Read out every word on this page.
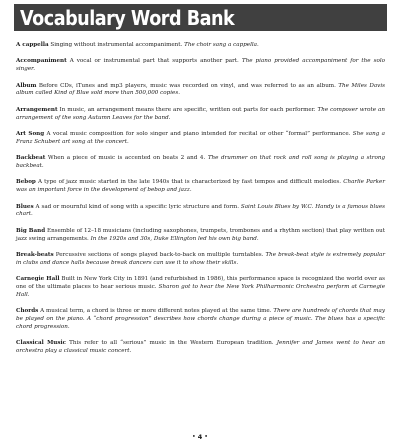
Vocabulary Word Bank

A cappella Singing without instrumental accompaniment. The choir sang a cappella.

Accompaniment A vocal or instrumental part that supports another part. The piano provided accompaniment for the solo singer.

Album Before CDs, iTunes and mp3 players, music was recorded on vinyl, and was referred to as an album. The Miles Davis album called Kind of Blue sold more than 500,000 copies.

Arrangement In music, an arrangement means there are specific, written out parts for each performer. The composer wrote an arrangement of the song Autumn Leaves for the band.

Art Song A vocal music composition for solo singer and piano intended for recital or other “formal” performance. She sang a Franz Schubert art song at the concert.

Backbeat When a piece of music is accented on beats 2 and 4. The drummer on that rock and roll song is playing a strong backbeat.

Bebop A type of jazz music started in the late 1940s that is characterized by fast tempos and difficult melodies. Charlie Parker was an important force in the development of bebop and jazz.

Blues A sad or mournful kind of song with a specific lyric structure and form. Saint Louis Blues by W.C. Handy is a famous blues chart.

Big Band Ensemble of 12–18 musicians (including saxophones, trumpets, trombones and a rhythm section) that play written out jazz swing arrangements. In the 1920s and 30s, Duke Ellington led his own big band.

Break-beats Percussive sections of songs played back-to-back on multiple turntables. The break-beat style is extremely popular in clubs and dance halls because break dancers can use it to show their skills.

Carnegie Hall Built in New York City in 1891 (and refurbished in 1986), this performance space is recognized the world over as one of the ultimate places to hear serious music. Sharon got to hear the New York Philharmonic Orchestra perform at Carnegie Hall.

Chords A musical term, a chord is three or more different notes played at the same time. There are hundreds of chords that may be played on the piano. A “chord progression” describes how chords change during a piece of music. The blues has a specific chord progression.

Classical Music This refer to all “serious” music in the Western European tradition. Jennifer and James went to hear an orchestra play a classical music concert.

• 4 •
